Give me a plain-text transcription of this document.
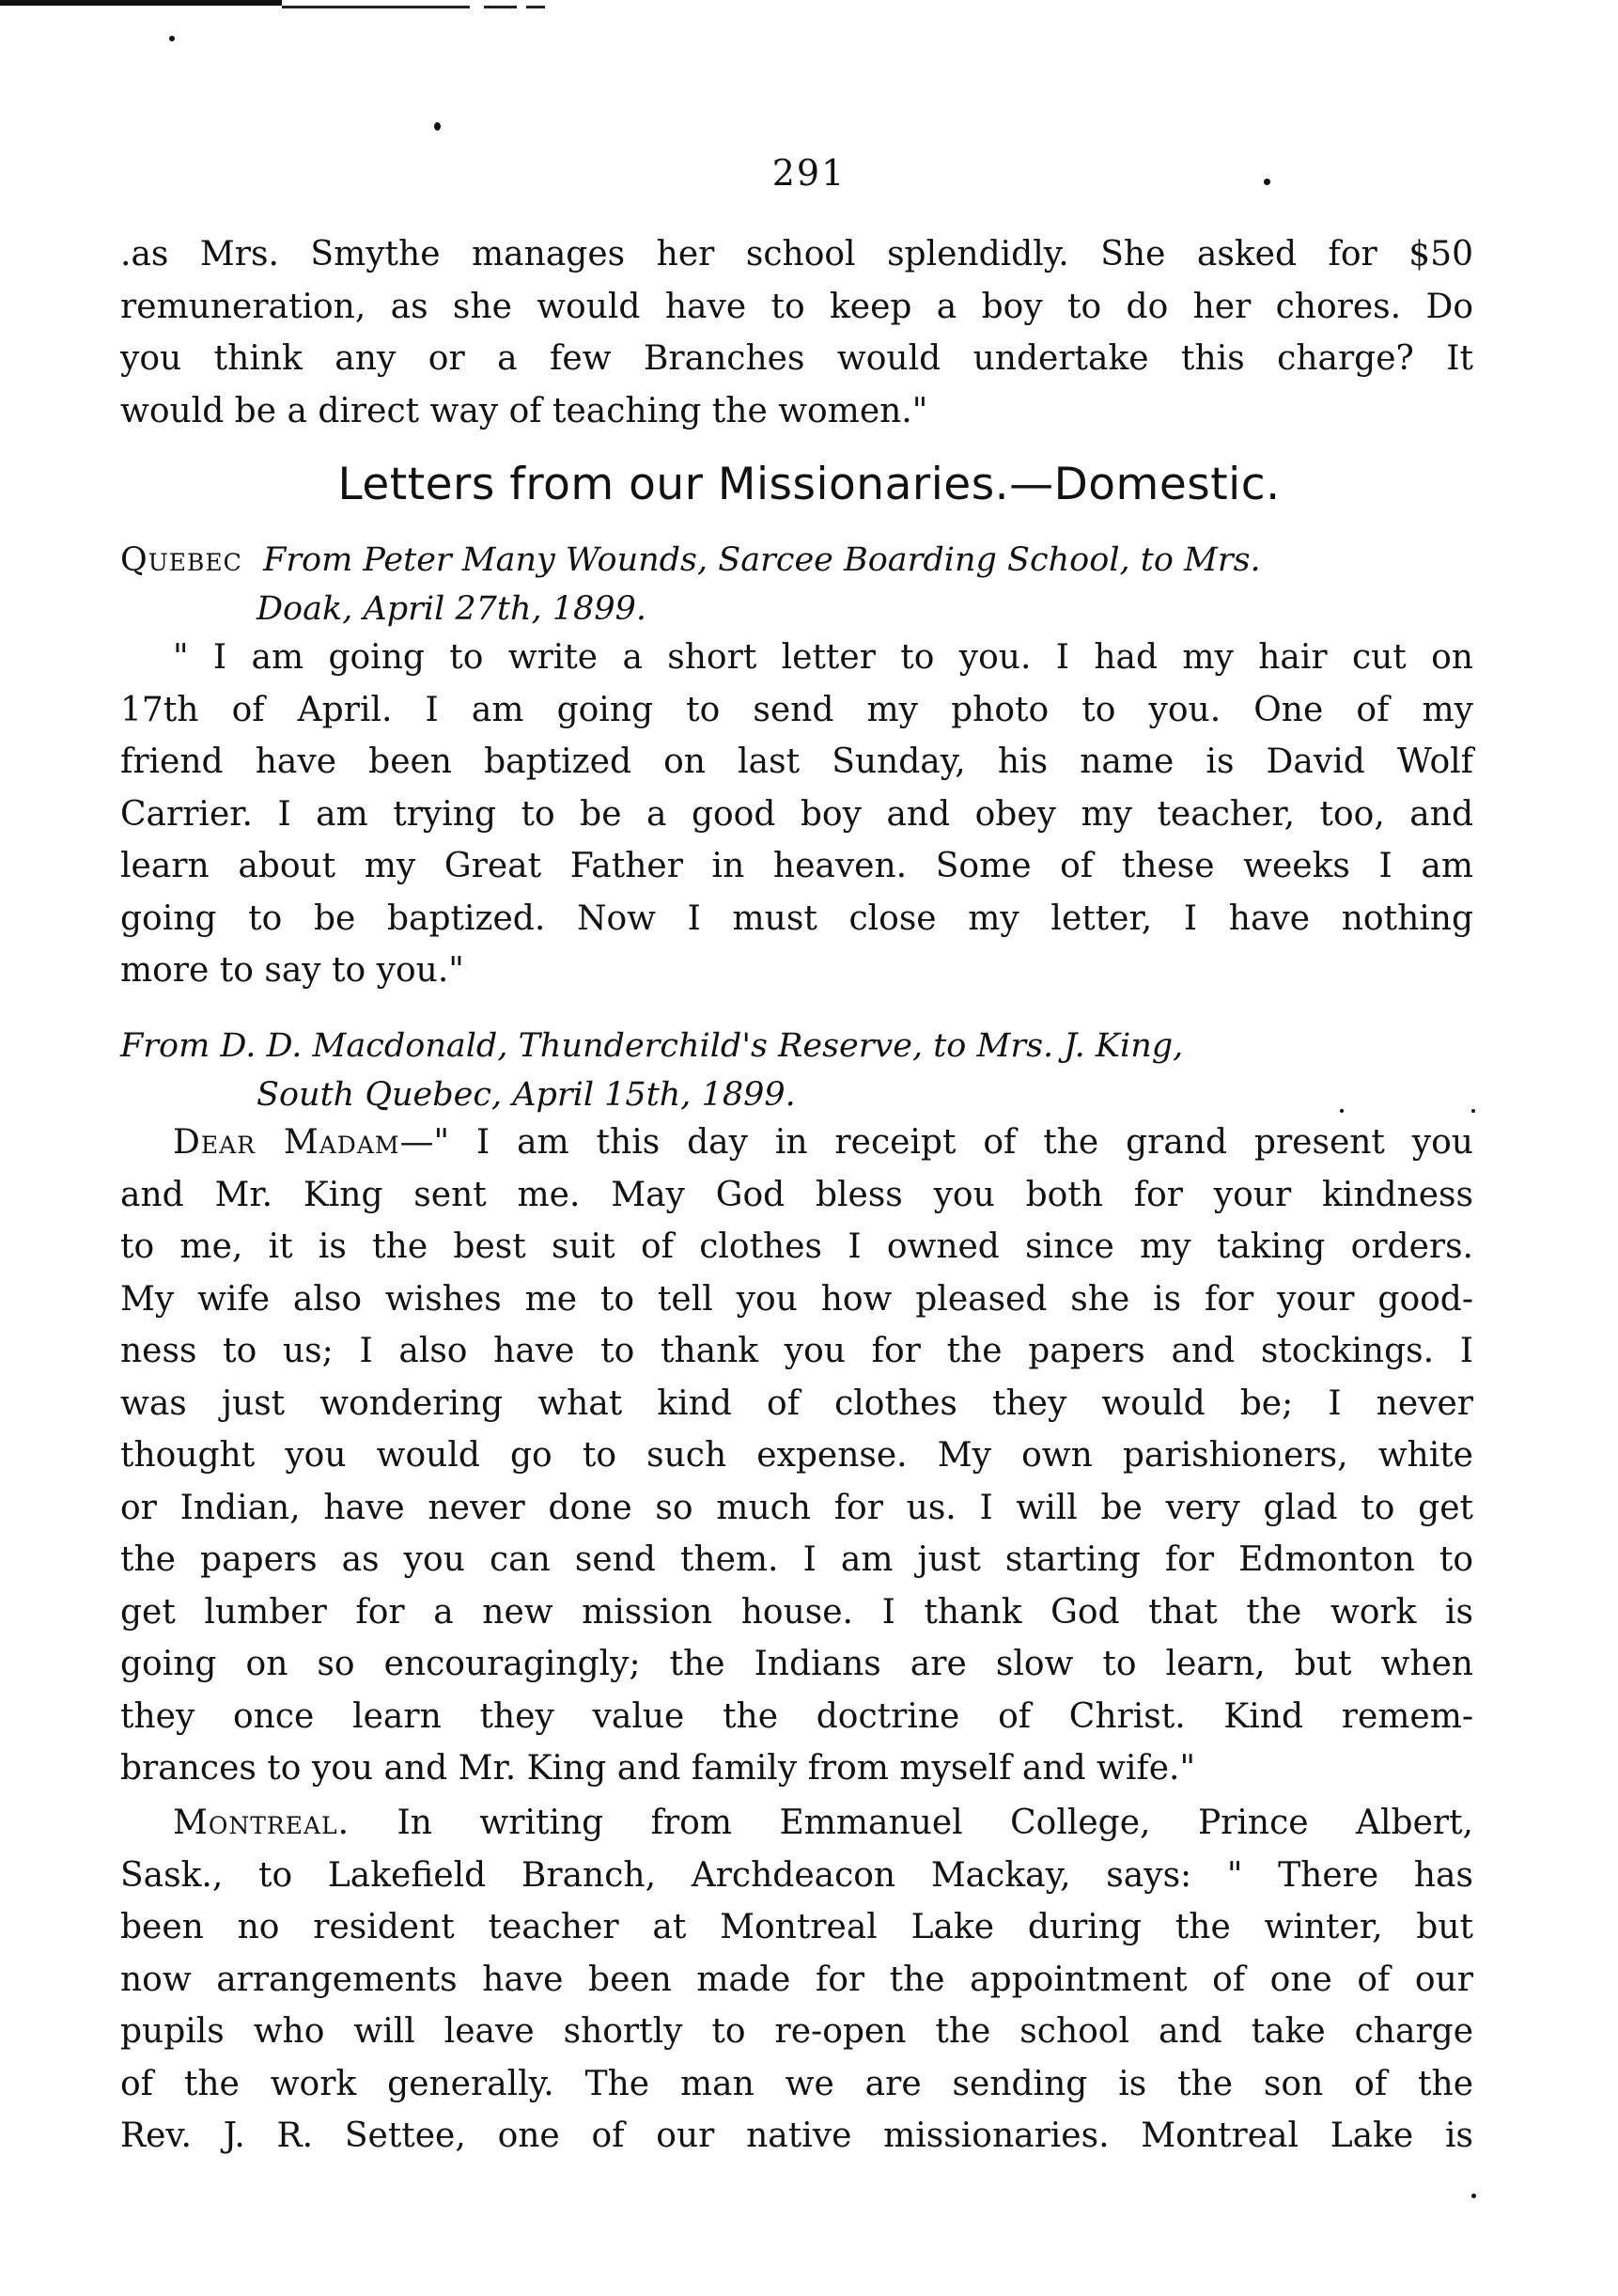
291

.as Mrs. Smythe manages her school splendidly. She asked for $50
remuneration, as she would have to keep a boy to do her chores. Do
you think any or a few Branches would undertake this charge? It
would be a direct way of teaching the women."

Letters from our Missionaries.—Domestic.

Quebec From Peter Many Wounds, Sarcee Boarding School, to Mrs.
Doak, April 27th, 1899.

" I am going to write a short letter to you. I had my hair cut on
17th of April. I am going to send my photo to you. One of my
friend have been baptized on last Sunday, his name is David Wolf
Carrier. I am trying to be a good boy and obey my teacher, too, and
learn about my Great Father in heaven. Some of these weeks I am
going to be baptized. Now I must close my letter, I have nothing
more to say to you."

From D. D. Macdonald, Thunderchild's Reserve, to Mrs. J. King,
South Quebec, April 15th, 1899.

Dear Madam—" I am this day in receipt of the grand present you
and Mr. King sent me. May God bless you both for your kindness
to me, it is the best suit of clothes I owned since my taking orders.
My wife also wishes me to tell you how pleased she is for your good-
ness to us; I also have to thank you for the papers and stockings. I
was just wondering what kind of clothes they would be; I never
thought you would go to such expense. My own parishioners, white
or Indian, have never done so much for us. I will be very glad to get
the papers as you can send them. I am just starting for Edmonton to
get lumber for a new mission house. I thank God that the work is
going on so encouragingly; the Indians are slow to learn, but when
they once learn they value the doctrine of Christ. Kind remem-
brances to you and Mr. King and family from myself and wife."

Montreal. In writing from Emmanuel College, Prince Albert,
Sask., to Lakefield Branch, Archdeacon Mackay, says: " There has
been no resident teacher at Montreal Lake during the winter, but
now arrangements have been made for the appointment of one of our
pupils who will leave shortly to re-open the school and take charge
of the work generally. The man we are sending is the son of the
Rev. J. R. Settee, one of our native missionaries. Montreal Lake is
